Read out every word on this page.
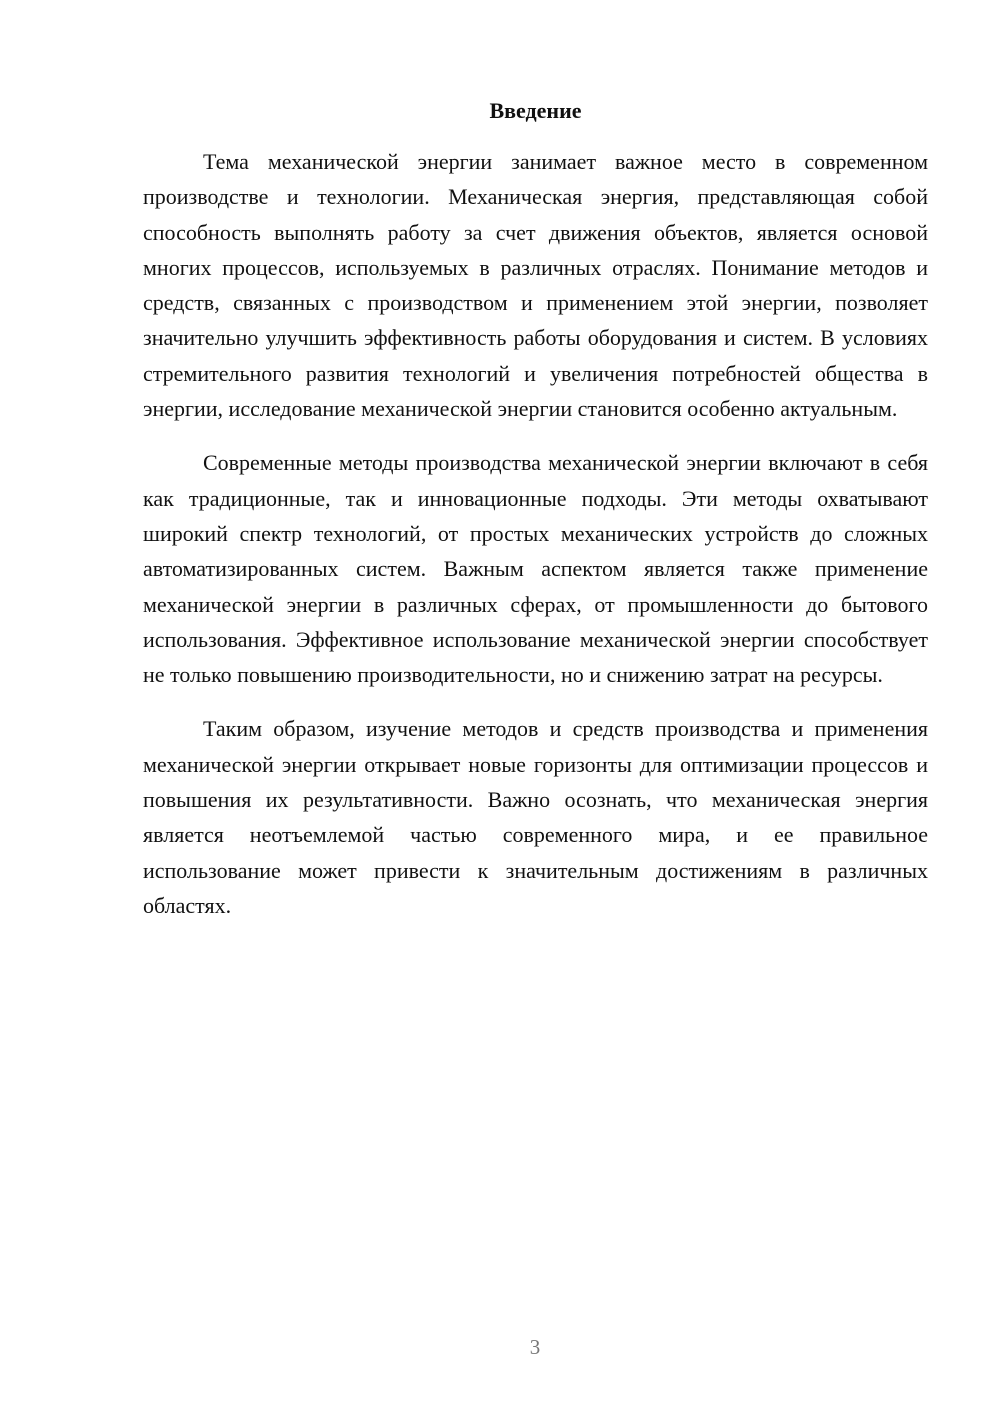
Введение

Тема механической энергии занимает важное место в современном производстве и технологии. Механическая энергия, представляющая собой способность выполнять работу за счет движения объектов, является основой многих процессов, используемых в различных отраслях. Понимание методов и средств, связанных с производством и применением этой энергии, позволяет значительно улучшить эффективность работы оборудования и систем. В условиях стремительного развития технологий и увеличения потребностей общества в энергии, исследование механической энергии становится особенно актуальным.

Современные методы производства механической энергии включают в себя как традиционные, так и инновационные подходы. Эти методы охватывают широкий спектр технологий, от простых механических устройств до сложных автоматизированных систем. Важным аспектом является также применение механической энергии в различных сферах, от промышленности до бытового использования. Эффективное использование механической энергии способствует не только повышению производительности, но и снижению затрат на ресурсы.

Таким образом, изучение методов и средств производства и применения механической энергии открывает новые горизонты для оптимизации процессов и повышения их результативности. Важно осознать, что механическая энергия является неотъемлемой частью современного мира, и ее правильное использование может привести к значительным достижениям в различных областях.

3
